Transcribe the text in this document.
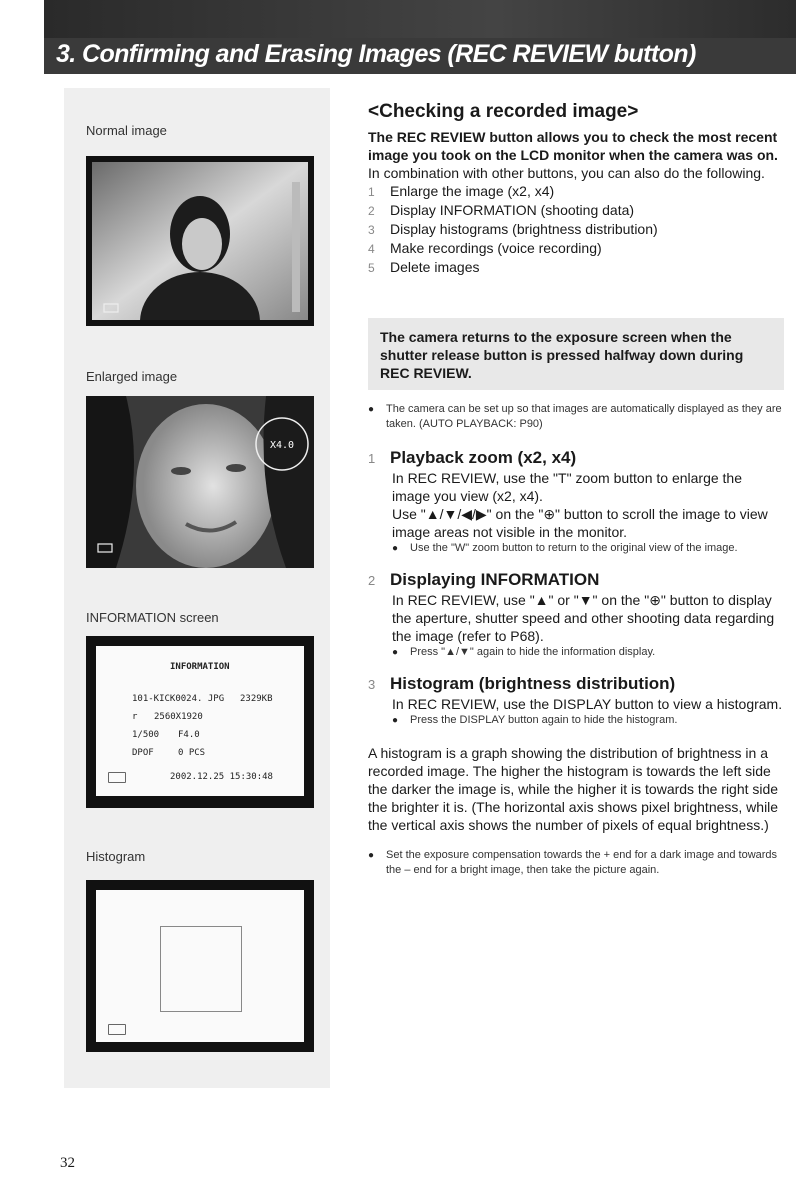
3. Confirming and Erasing Images (REC REVIEW button)
Normal image
Enlarged image
X4.0
INFORMATION screen
INFORMATION
101-KICK0024. JPG 2329KB
r 2560X1920
1/500 F4.0
DPOF	0 PCS
2002.12.25 15:30:48
Histogram
<Checking a recorded image>

The REC REVIEW button allows you to check the most recent image you took on the LCD monitor when the camera was on.

In combination with other buttons, you can also do the following.

1 Enlarge the image (x2, x4)
2 Display INFORMATION (shooting data)
3 Display histograms (brightness distribution)
4 Make recordings (voice recording)
5 Delete images

The camera returns to the exposure screen when the shutter release button is pressed halfway down during REC REVIEW.

● The camera can be set up so that images are automatically displayed as they are taken. (AUTO PLAYBACK: P90)
1 Playback zoom (x2, x4)
In REC REVIEW, use the "T" zoom button to enlarge the image you view (x2, x4).
Use "▲/▼/◀/▶" on the "⊕" button to scroll the image to view image areas not visible in the monitor.
● Use the "W" zoom button to return to the original view of the image.
2 Displaying INFORMATION
In REC REVIEW, use "▲" or "▼" on the "⊕" button to display the aperture, shutter speed and other shooting data regarding the image (refer to P68).
● Press "▲/▼" again to hide the information display.
3 Histogram (brightness distribution)
In REC REVIEW, use the DISPLAY button to view a histogram.
● Press the DISPLAY button again to hide the histogram.

A histogram is a graph showing the distribution of brightness in a recorded image. The higher the histogram is towards the left side the darker the image is, while the higher it is towards the right side the brighter it is. (The horizontal axis shows pixel brightness, while the vertical axis shows the number of pixels of equal brightness.)

● Set the exposure compensation towards the + end for a dark image and towards the – end for a bright image, then take the picture again.
32
